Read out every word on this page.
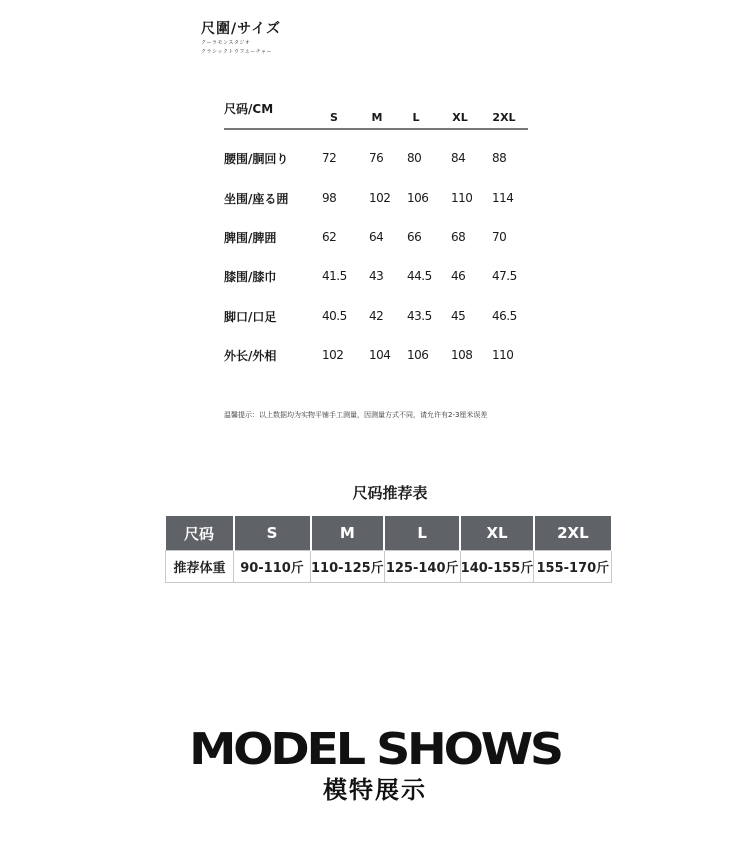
尺圍/サイズ
クーラモンスタジオ
クラシックトウフユーチャー
尺码/CM
S	M	L	XL	2XL
腰围/胴回り	72	76 80 84 88
坐围/座る囲	98	102 106 110 114
脾围/脾囲	62	64 66 68 70
膝围/膝巾	41.5 43 44.5 46 47.5
脚口/口足	40.5 42 43.5 45 46.5
外长/外相	102 104 106 108 110
温馨提示：以上数据均为实物平铺手工测量，因测量方式不同，请允许有2-3厘米误差
尺码推荐表
尺码	S	M	L	XL	2XL
推荐体重	90-110斤	110-125斤	125-140斤	140-155斤	155-170斤
MODEL SHOWS
模特展示
